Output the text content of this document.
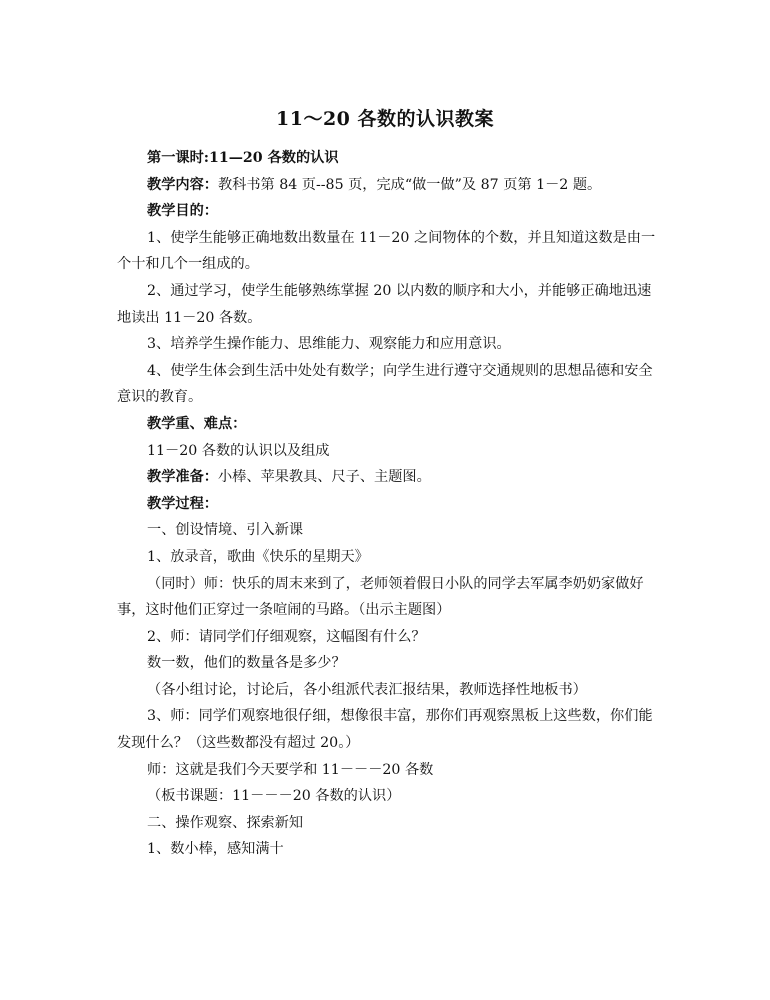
11～20 各数的认识教案

第一课时:11—20 各数的认识

教学内容：教科书第 84 页--85 页，完成“做一做”及 87 页第 1－2 题。

教学目的：

1、使学生能够正确地数出数量在 11－20 之间物体的个数，并且知道这数是由一个十和几个一组成的。

2、通过学习，使学生能够熟练掌握 20 以内数的顺序和大小，并能够正确地迅速地读出 11－20 各数。

3、培养学生操作能力、思维能力、观察能力和应用意识。

4、使学生体会到生活中处处有数学；向学生进行遵守交通规则的思想品德和安全意识的教育。

教学重、难点：

11－20 各数的认识以及组成

教学准备：小棒、苹果教具、尺子、主题图。

教学过程：

一、创设情境、引入新课

1、放录音，歌曲《快乐的星期天》

（同时）师：快乐的周末来到了，老师领着假日小队的同学去军属李奶奶家做好事，这时他们正穿过一条喧闹的马路。（出示主题图）

2、师：请同学们仔细观察，这幅图有什么？

数一数，他们的数量各是多少？

（各小组讨论，讨论后，各小组派代表汇报结果，教师选择性地板书）

3、师：同学们观察地很仔细，想像很丰富，那你们再观察黑板上这些数，你们能发现什么？（这些数都没有超过 20。）

师：这就是我们今天要学和 11－－－20 各数

（板书课题：11－－－20 各数的认识）

二、操作观察、探索新知

1、数小棒，感知满十
